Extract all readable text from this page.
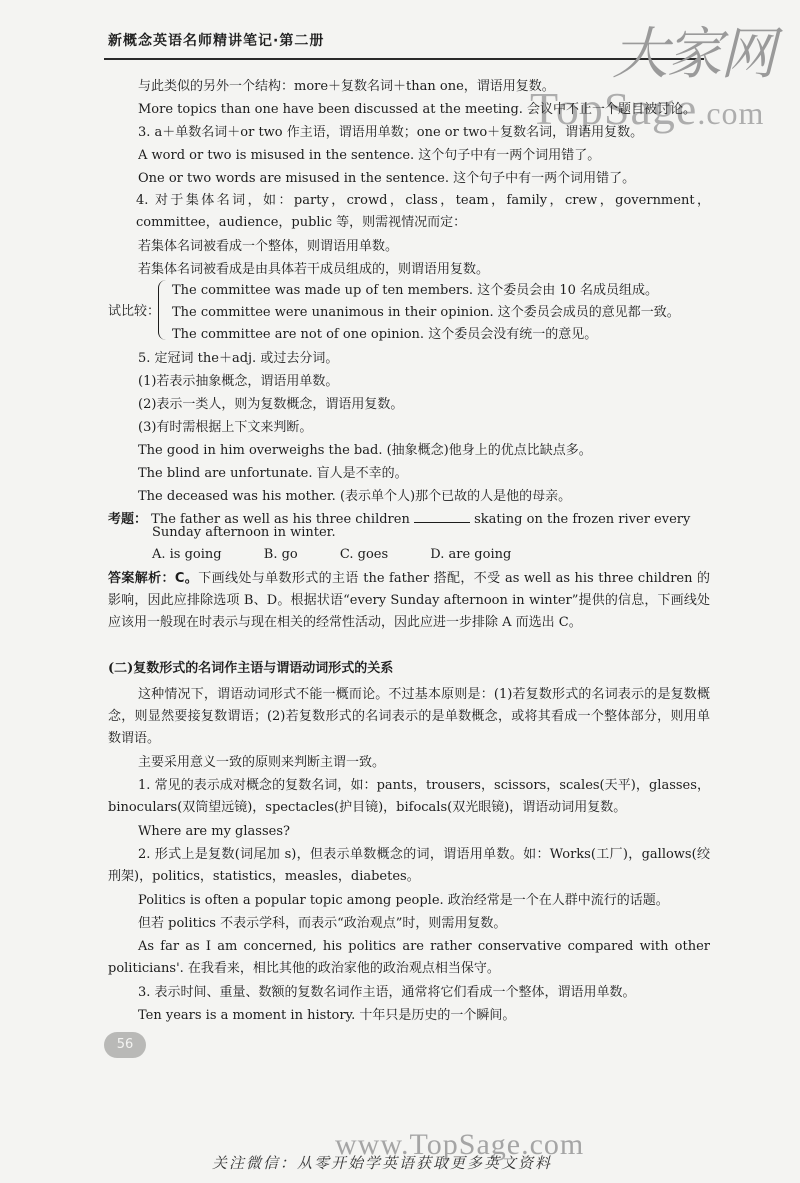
新概念英语名师精讲笔记·第二册	大家网
TopSage.com
与此类似的另外一个结构：more＋复数名词＋than one，谓语用复数。
More topics than one have been discussed at the meeting. 会议中不止一个题目被讨论。
3. a＋单数名词＋or two 作主语，谓语用单数；one or two＋复数名词，谓语用复数。
A word or two is misused in the sentence. 这个句子中有一两个词用错了。
One or two words are misused in the sentence. 这个句子中有一两个词用错了。
4. 对于集体名词，如：party，crowd，class，team，family，crew，government，committee，audience，public 等，则需视情况而定：
若集体名词被看成一个整体，则谓语用单数。
若集体名词被看成是由具体若干成员组成的，则谓语用复数。
试比较：
The committee was made up of ten members. 这个委员会由 10 名成员组成。
The committee were unanimous in their opinion. 这个委员会成员的意见都一致。
The committee are not of one opinion. 这个委员会没有统一的意见。
5. 定冠词 the＋adj. 或过去分词。
(1)若表示抽象概念，谓语用单数。
(2)表示一类人，则为复数概念，谓语用复数。
(3)有时需根据上下文来判断。
The good in him overweighs the bad. (抽象概念)他身上的优点比缺点多。
The blind are unfortunate. 盲人是不幸的。
The deceased was his mother. (表示单个人)那个已故的人是他的母亲。
考题： The father as well as his three children	skating on the frozen river every
Sunday afternoon in winter.
A. is going	B. go	C. goes	D. are going
答案解析：C。下画线处与单数形式的主语 the father 搭配，不受 as well as his three children 的影响，因此应排除选项 B、D。根据状语“every Sunday afternoon in winter”提供的信息，下画线处应该用一般现在时表示与现在相关的经常性活动，因此应进一步排除 A 而选出 C。
(二)复数形式的名词作主语与谓语动词形式的关系
这种情况下，谓语动词形式不能一概而论。不过基本原则是：(1)若复数形式的名词表示的是复数概念，则显然要接复数谓语；(2)若复数形式的名词表示的是单数概念，或将其看成一个整体部分，则用单数谓语。
主要采用意义一致的原则来判断主谓一致。
1. 常见的表示成对概念的复数名词，如：pants，trousers，scissors，scales(天平)，glasses，binoculars(双筒望远镜)，spectacles(护目镜)，bifocals(双光眼镜)，谓语动词用复数。
Where are my glasses?
2. 形式上是复数(词尾加 s)，但表示单数概念的词，谓语用单数。如：Works(工厂)，gallows(绞刑架)，politics，statistics，measles，diabetes。
Politics is often a popular topic among people. 政治经常是一个在人群中流行的话题。
但若 politics 不表示学科，而表示“政治观点”时，则需用复数。
As far as I am concerned, his politics are rather conservative compared with other politicians'. 在我看来，相比其他的政治家他的政治观点相当保守。
3. 表示时间、重量、数额的复数名词作主语，通常将它们看成一个整体，谓语用单数。
Ten years is a moment in history. 十年只是历史的一个瞬间。
56
www.TopSage.com
关注微信：从零开始学英语获取更多英文资料
